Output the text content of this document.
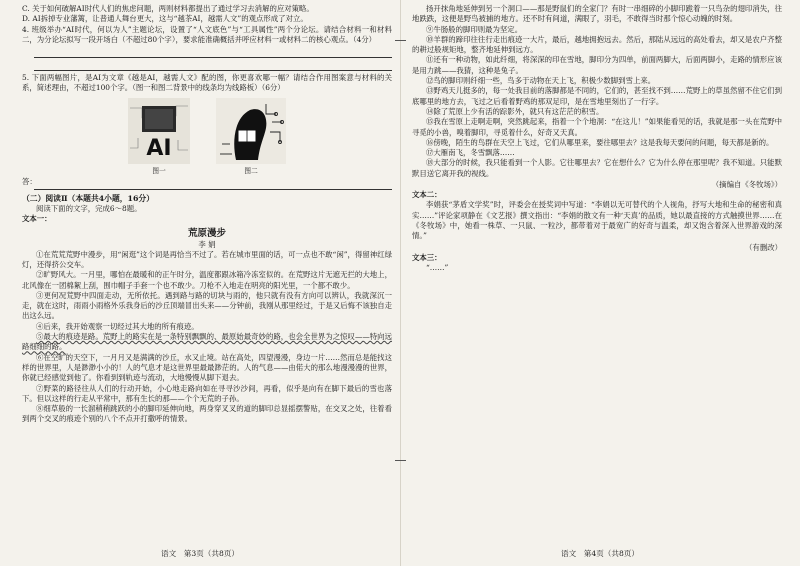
C. 关于如何破解AI时代人们的焦虑问题，两则材料都提出了通过学习去消解的应对策略。

D. AI拆掉专业藩篱，让普通人舞台更大，这与“越茶AI，越需人文”的观点形成了对立。

4. 班级举办“AI时代，何以为人”主题论坛，设置了“人文底色”与“工具属性”两个分论坛。请结合材料一和材料二，为分论坛拟写一段开场白（不超过80个字），要求能准确概括并呼应材料一或材料二的核心观点。（4分）

5. 下面两幅图片，是AI为文章《越是AI，越需人文》配的图，你更喜欢哪一幅？请结合作用图案意与材料的关系，简述理由，不超过100个字。（图一和图二背景中的线条均为线路板）（6分）

AI
图一	图二

答：

（二）阅读Ⅱ（本题共4小题，16分）

阅读下面的文字，完成6～8题。

文本一：

荒原漫步
李 娟

①在荒荒荒野中漫步，用“闲逛”这个词是再恰当不过了。若在城市里面的话，可一点也不敢“闲”，得留神红绿灯，还得挤公交车。

②旷野风大。一月里，哪怕在最暖和的正午时分，温度都跟冰箱冷冻室似的。在荒野这片无遮无拦的大地上，北风像在一团棉絮上刮，围巾帽子手套一个也不敢少。刀枪不入地走在明亮的阳光里，一个都不敢少。

③更何况荒野中四面走动，无所依托。遇到路与路的切块与雨的，他只就有没有方向可以辨认，我就深沉一走，就在这时，雨雨小雨格外乐我身后的沙丘顶端冒出头来——分钟前，我刚从那里经过，于是又后悔不该独自走出这么远。

④后来，我开始观察一切经过其大地的所有痕迹。

⑤最大的痕迹是路。荒野上的路实在是一条特别飘飘的、最原始最奇妙的路，也会全世界为之惊叹——特向远路细细的路。

⑥在空旷的天空下，一月月又是满满的沙丘，水又止境。站在高处，四望漫漫，身边一片……然而总是能找这样的世界里，人是渺渺小小的！人的气息才是这世界里最最渺茫的。人的气息——由偌大的那么地漫漫漫的世界，你就已经感觉到他了。你看到到轨迹与流动，大地慢慢从脚下退去。

⑦野菜的路径往从人们的行动开始，小心地走路向如在寻寻沙沙间，再看，似乎是向有在脚下最后的雪也落下。但以这样的行走从平常中，那有生长的那——个个无荒的子孙。

⑧细草般的一长溜稍稍跳跃的小的脚印延伸向地，两身穿叉叉的道的脚印总显摇摆警贴，在交叉之处，往着看到两个交叉的痕迹个别的八个不点开打撒呼的情景。

扬开抹角地延伸到另一个洞口——那是野鼠们的全家门？有时一串细碎的小脚印跪着一只鸟杂的翅印消失，往地跌跌，这便是野鸟被捕的地方。还不时有间道，满眼了，羽毛，不敢得当时那个惊心动魄的时刻。

⑨牛肠般的脚印则最为坚定。

⑩羊群的蹄印往往行走出痕迹一大片，最后，越地拥抱远去。然后，那陆从远远的高处看去，却又是农户齐整的耕过般规矩地，整齐地延伸到远方。

⑪还有一种动物，如此纤细，将深深的印在雪地，脚印分为四单，前面两脚大，后面两脚小，走路的情形应该是用力跳——我猜，这种是兔子。

⑫鸟的脚印则纤细一些，鸟多于动物在天上飞，积极少数脚到雪上来。

⑬野鸡天儿挺多的，每一处我目前的落脚都是不同的，它们的，甚至找不到……荒野上的草虽然留不住它们到底哪里的地方去，飞过之后看着野鸡的那双足印，是在雪地里刻出了一行字。

⑭除了荒原上少有活的踪影外，就只有这茫茫的积雪。

⑮我在雪原上走啊走啊，突然跳起来，指着一个个地洞：“在这儿！”如果能看见的话，我就是那一头在荒野中寻觅的小兽，嗅着脚印，寻觅着什么，好奇又天真。

⑯傍晚，陌生的鸟群在天空上飞过，它们从哪里来，要往哪里去？这是我每天要问的问题，每天都是新的。

⑰大雁南飞，冬雪飘落……

⑱大部分的时候，我只能看到一个人影。它往哪里去？它在想什么？它为什么停在那里呢？我不知道。只能默默目送它离开我的视线。

（摘编自《冬牧场》）

文本二：

李娟获“茅盾文学奖”时，评委会在授奖词中写道：“李娟以无可替代的个人视角，抒写大地和生命的秘密和真实……”评论家项静在《文艺报》撰文指出：“李娟的散文有一种‘天真’的品质，她以最直接的方式触摸世界……在《冬牧场》中，她看一株草、一只鼠、一粒沙，都带着对于最宽广的好奇与温柔，却又饱含着深入世界游戏的深情。”

（有删改）

文本三：

“……”

语文　第3页（共8页）	语文　第4页（共8页）
